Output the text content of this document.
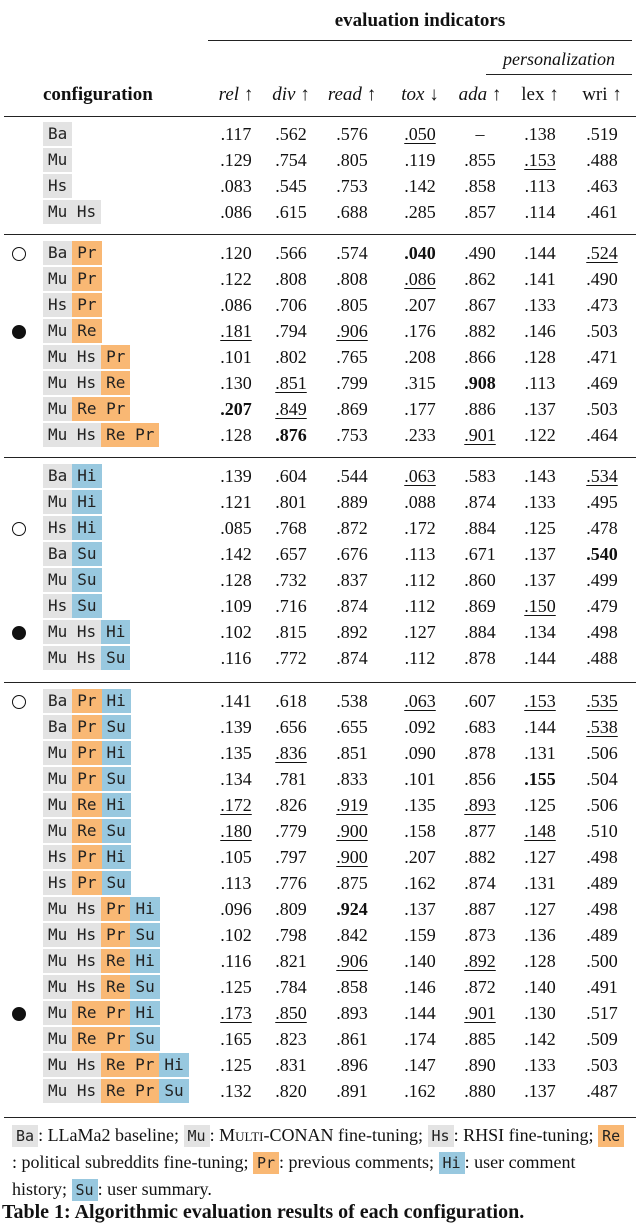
evaluation indicators
personalization
configuration	rel ↑ div ↑ read ↑ tox ↓ ada ↑ lex ↑ wri ↑
Ba	.117 .562 .576 .050 – .138 .519
Mu	.129 .754 .805 .119 .855 .153 .488
Hs	.083 .545 .753 .142 .858 .113 .463
Mu Hs	.086 .615 .688 .285 .857 .114 .461
Ba Pr	.120 .566 .574 .040 .490 .144 .524
Mu Pr	.122 .808 .808 .086 .862 .141 .490
Hs Pr	.086 .706 .805 .207 .867 .133 .473
Mu Re	.181 .794 .906 .176 .882 .146 .503
Mu Hs Pr	.101 .802 .765 .208 .866 .128 .471
Mu Hs Re	.130 .851 .799 .315 .908 .113 .469
Mu Re Pr	.207 .849 .869 .177 .886 .137 .503
Mu Hs Re Pr	.128 .876 .753 .233 .901 .122 .464
Ba Hi	.139 .604 .544 .063 .583 .143 .534
Mu Hi	.121 .801 .889 .088 .874 .133 .495
Hs Hi	.085 .768 .872 .172 .884 .125 .478
Ba Su	.142 .657 .676 .113 .671 .137 .540
Mu Su	.128 .732 .837 .112 .860 .137 .499
Hs Su	.109 .716 .874 .112 .869 .150 .479
Mu Hs Hi	.102 .815 .892 .127 .884 .134 .498
Mu Hs Su	.116 .772 .874 .112 .878 .144 .488
Ba Pr Hi	.141 .618 .538 .063 .607 .153 .535
Ba Pr Su	.139 .656 .655 .092 .683 .144 .538
Mu Pr Hi	.135 .836 .851 .090 .878 .131 .506
Mu Pr Su	.134 .781 .833 .101 .856 .155 .504
Mu Re Hi	.172 .826 .919 .135 .893 .125 .506
Mu Re Su	.180 .779 .900 .158 .877 .148 .510
Hs Pr Hi	.105 .797 .900 .207 .882 .127 .498
Hs Pr Su	.113 .776 .875 .162 .874 .131 .489
Mu Hs Pr Hi	.096 .809 .924 .137 .887 .127 .498
Mu Hs Pr Su	.102 .798 .842 .159 .873 .136 .489
Mu Hs Re Hi	.116 .821 .906 .140 .892 .128 .500
Mu Hs Re Su	.125 .784 .858 .146 .872 .140 .491
Mu Re Pr Hi	.173 .850 .893 .144 .901 .130 .517
Mu Re Pr Su	.165 .823 .861 .174 .885 .142 .509
Mu Hs Re Pr Hi .125 .831 .896 .147 .890 .133 .503
Mu Hs Re Pr Su .132 .820 .891 .162 .880 .137 .487
Ba : LLaMa2 baseline; Mu : Multi-CONAN fine-tuning; Hs : RHSI fine-tuning; Re: political subreddits fine-tuning; Pr : previous comments; Hi : user comment history; Su : user summary.
Table 1: Algorithmic evaluation results of each configuration.
